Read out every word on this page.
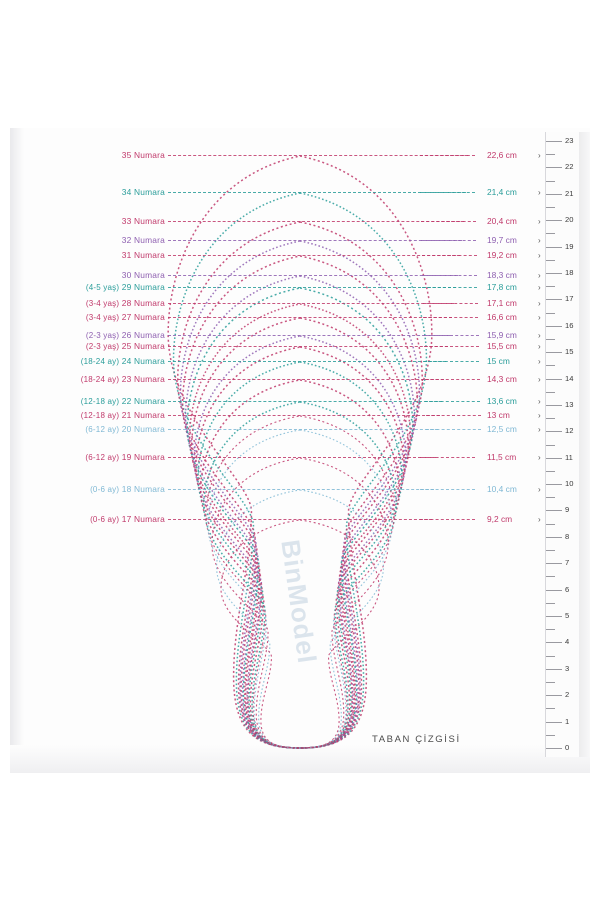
BinModel
TABAN ÇİZGİSİ
35 Numara	22,6 cm	›
34 Numara	21,4 cm	›
33 Numara	20,4 cm	›
32 Numara	19,7 cm	›
31 Numara	19,2 cm	›
30 Numara	18,3 cm	›
(4-5 yaş) 29 Numara	17,8 cm	›
(3-4 yaş) 28 Numara	17,1 cm	›
(3-4 yaş) 27 Numara	16,6 cm	›
(2-3 yaş) 26 Numara	15,9 cm	›
(2-3 yaş) 25 Numara	15,5 cm	›
(18-24 ay) 24 Numara	15 cm	›
(18-24 ay) 23 Numara	14,3 cm	›
(12-18 ay) 22 Numara	13,6 cm	›
(12-18 ay) 21 Numara	13 cm	›
(6-12 ay) 20 Numara	12,5 cm	›
(6-12 ay) 19 Numara	11,5 cm	›
(0-6 ay) 18 Numara	10,4 cm	›
(0-6 ay) 17 Numara	9,2 cm	›
0
1
2
3
4
5
6
7
8
9
10
11
12
13
14
15
16
17
18
19
20
21
22
23
